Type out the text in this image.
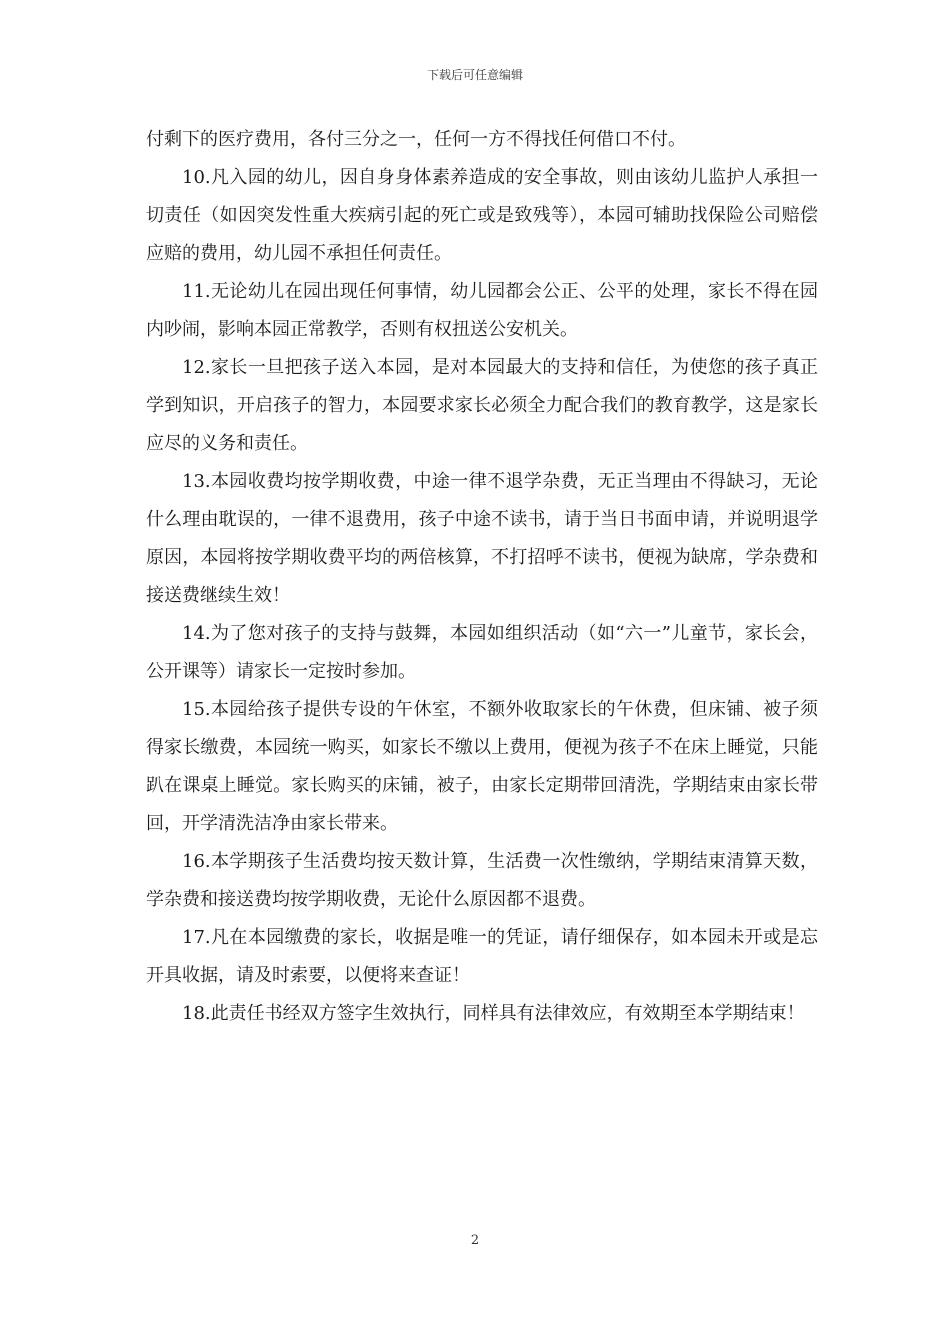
下载后可任意编辑

付剩下的医疗费用，各付三分之一，任何一方不得找任何借口不付。

10.凡入园的幼儿，因自身身体素养造成的安全事故，则由该幼儿监护人承担一切责任（如因突发性重大疾病引起的死亡或是致残等），本园可辅助找保险公司赔偿应赔的费用，幼儿园不承担任何责任。

11.无论幼儿在园出现任何事情，幼儿园都会公正、公平的处理，家长不得在园内吵闹，影响本园正常教学，否则有权扭送公安机关。

12.家长一旦把孩子送入本园，是对本园最大的支持和信任，为使您的孩子真正学到知识，开启孩子的智力，本园要求家长必须全力配合我们的教育教学，这是家长应尽的义务和责任。

13.本园收费均按学期收费，中途一律不退学杂费，无正当理由不得缺习，无论什么理由耽误的，一律不退费用，孩子中途不读书，请于当日书面申请，并说明退学原因，本园将按学期收费平均的两倍核算，不打招呼不读书，便视为缺席，学杂费和接送费继续生效！

14.为了您对孩子的支持与鼓舞，本园如组织活动（如“六一”儿童节，家长会，公开课等）请家长一定按时参加。

15.本园给孩子提供专设的午休室，不额外收取家长的午休费，但床铺、被子须得家长缴费，本园统一购买，如家长不缴以上费用，便视为孩子不在床上睡觉，只能趴在课桌上睡觉。家长购买的床铺，被子，由家长定期带回清洗，学期结束由家长带回，开学清洗洁净由家长带来。

16.本学期孩子生活费均按天数计算，生活费一次性缴纳，学期结束清算天数，学杂费和接送费均按学期收费，无论什么原因都不退费。

17.凡在本园缴费的家长，收据是唯一的凭证，请仔细保存，如本园未开或是忘开具收据，请及时索要，以便将来查证！

18.此责任书经双方签字生效执行，同样具有法律效应，有效期至本学期结束！

2
